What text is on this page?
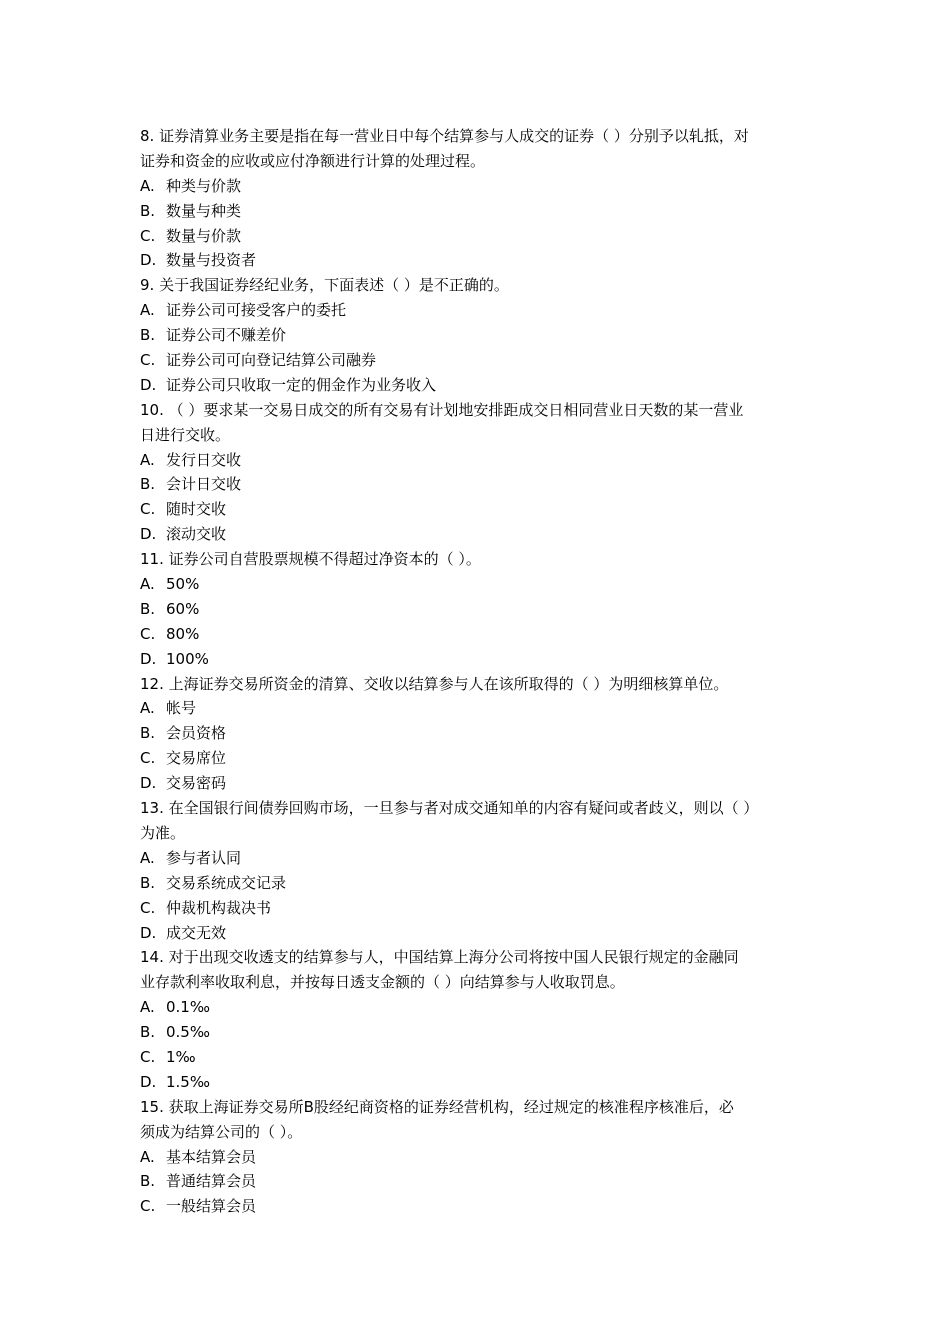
8. 证券清算业务主要是指在每一营业日中每个结算参与人成交的证券（ ）分别予以轧抵，对
证券和资金的应收或应付净额进行计算的处理过程。
A. 种类与价款
B. 数量与种类
C. 数量与价款
D. 数量与投资者
9. 关于我国证券经纪业务，下面表述（ ）是不正确的。
A. 证券公司可接受客户的委托
B. 证券公司不赚差价
C. 证券公司可向登记结算公司融券
D. 证券公司只收取一定的佣金作为业务收入
10. （ ）要求某一交易日成交的所有交易有计划地安排距成交日相同营业日天数的某一营业
日进行交收。
A. 发行日交收
B. 会计日交收
C. 随时交收
D. 滚动交收
11. 证券公司自营股票规模不得超过净资本的（ ）。
A. 50%
B. 60%
C. 80%
D. 100%
12. 上海证券交易所资金的清算、交收以结算参与人在该所取得的（ ）为明细核算单位。
A. 帐号
B. 会员资格
C. 交易席位
D. 交易密码
13. 在全国银行间债券回购市场，一旦参与者对成交通知单的内容有疑问或者歧义，则以（ ）
为准。
A. 参与者认同
B. 交易系统成交记录
C. 仲裁机构裁决书
D. 成交无效
14. 对于出现交收透支的结算参与人，中国结算上海分公司将按中国人民银行规定的金融同
业存款利率收取利息，并按每日透支金额的（ ）向结算参与人收取罚息。
A. 0.1‰
B. 0.5‰
C. 1‰
D. 1.5‰
15. 获取上海证券交易所B股经纪商资格的证券经营机构，经过规定的核准程序核准后，必
须成为结算公司的（ ）。
A. 基本结算会员
B. 普通结算会员
C. 一般结算会员
